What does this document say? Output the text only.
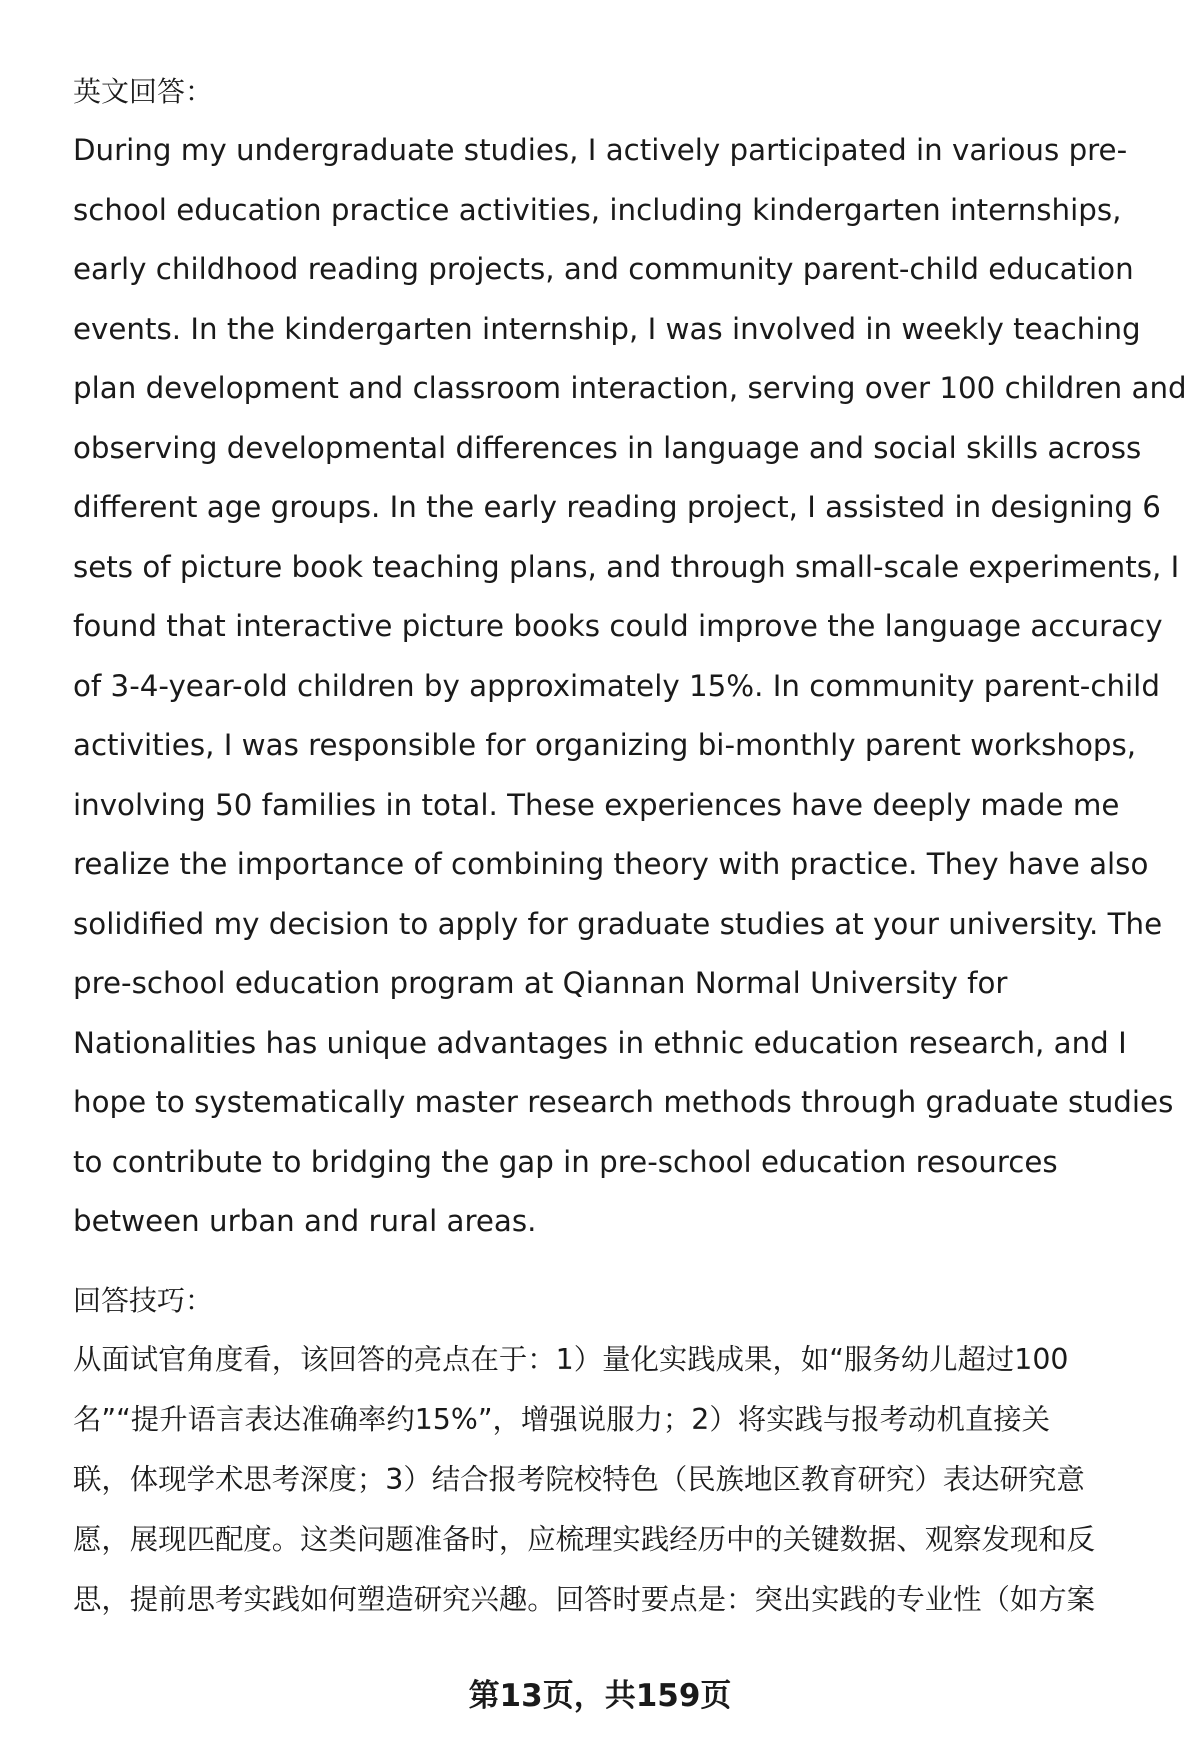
英文回答：
During my undergraduate studies, I actively participated in various pre-
school education practice activities, including kindergarten internships,
early childhood reading projects, and community parent-child education
events. In the kindergarten internship, I was involved in weekly teaching
plan development and classroom interaction, serving over 100 children and
observing developmental differences in language and social skills across
different age groups. In the early reading project, I assisted in designing 6
sets of picture book teaching plans, and through small-scale experiments, I
found that interactive picture books could improve the language accuracy
of 3-4-year-old children by approximately 15%. In community parent-child
activities, I was responsible for organizing bi-monthly parent workshops,
involving 50 families in total. These experiences have deeply made me
realize the importance of combining theory with practice. They have also
solidified my decision to apply for graduate studies at your university. The
pre-school education program at Qiannan Normal University for
Nationalities has unique advantages in ethnic education research, and I
hope to systematically master research methods through graduate studies
to contribute to bridging the gap in pre-school education resources
between urban and rural areas.
回答技巧：
从面试官角度看，该回答的亮点在于：1）量化实践成果，如“服务幼儿超过100
名”“提升语言表达准确率约15%”，增强说服力；2）将实践与报考动机直接关
联，体现学术思考深度；3）结合报考院校特色（民族地区教育研究）表达研究意
愿，展现匹配度。这类问题准备时，应梳理实践经历中的关键数据、观察发现和反
思，提前思考实践如何塑造研究兴趣。回答时要点是：突出实践的专业性（如方案
第13页，共159页
